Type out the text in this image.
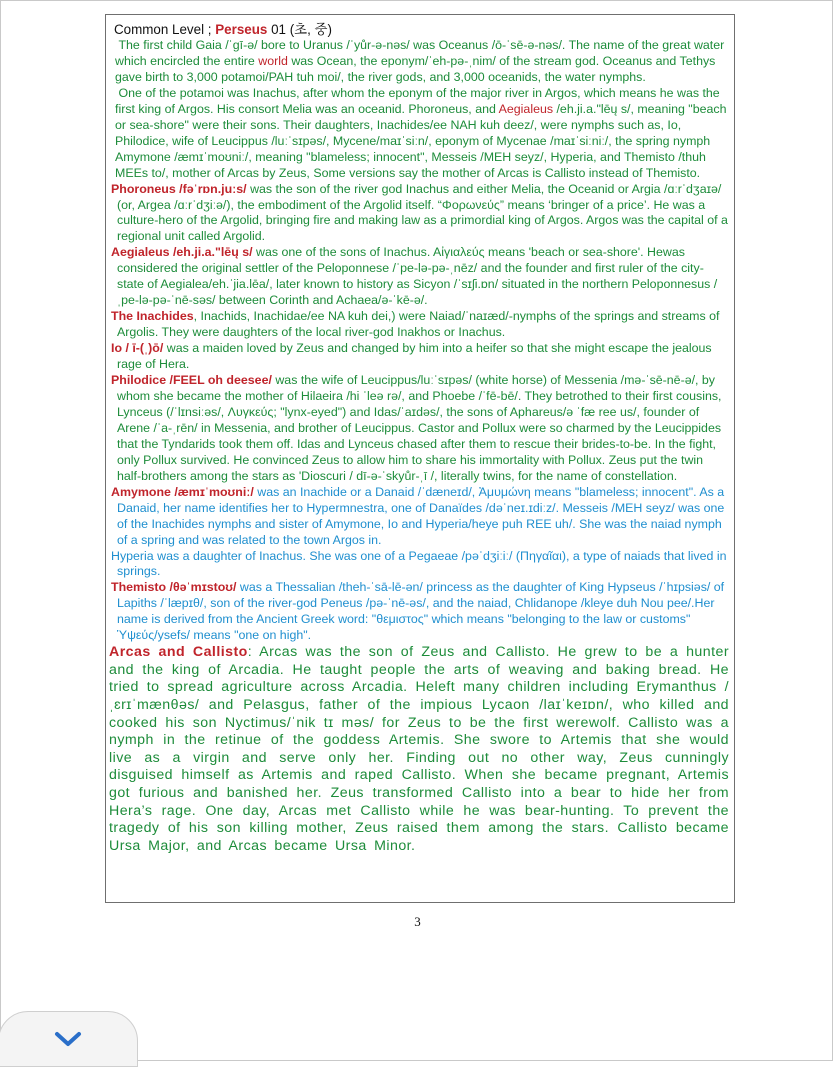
Common Level ; Perseus 01 (초, 중)

The first child Gaia /ˈɡī-ə/ bore to Uranus /ˈyůr-ə-nəs/ was Oceanus /ō-ˈsē-ə-nəs/. The name of the great water which encircled the entire world was Ocean, the eponym/ˈeh-pə-ˌnim/ of the stream god. Oceanus and Tethys gave birth to 3,000 potamoi/PAH tuh moi/, the river gods, and 3,000 oceanids, the water nymphs.

One of the potamoi was Inachus, after whom the eponym of the major river in Argos, which means he was the first king of Argos. His consort Melia was an oceanid. Phoroneus, and Aegialeus /eh.ji.a."lēų s/, meaning "beach or sea-shore" were their sons. Their daughters, Inachides/ee NAH kuh deez/, were nymphs such as, Io, Philodice, wife of Leucippus /luːˈsɪpəs/, Mycene/maɪˈsiːn/, eponym of Mycenae /maɪˈsiːniː/, the spring nymph Amymone /æmɪˈmoʊniː/, meaning "blameless; innocent", Messeis /MEH seyz/, Hyperia, and Themisto /thuh MEEs to/, mother of Arcas by Zeus, Some versions say the mother of Arcas is Callisto instead of Themisto.

Phoroneus /fəˈrɒn.juːs/ was the son of the river god Inachus and either Melia, the Oceanid or Argia /ɑːrˈdʒaɪə/ (or, Argea /ɑːrˈdʒiːə/), the embodiment of the Argolid itself. “Φορωνεύς” means ‘bringer of a price’. He was a culture-hero of the Argolid, bringing fire and making law as a primordial king of Argos. Argos was the capital of a regional unit called Argolid.

Aegialeus /eh.ji.a."lēų s/ was one of the sons of Inachus. Aἰγιαλεύς means 'beach or sea-shore'. Hewas considered the original settler of the Peloponnese /ˈpe-lə-pə-ˌnēz/ and the founder and first ruler of the city- state of Aegialea/eh.ˈjia.lēa/, later known to history as Sicyon /ˈsɪʃi.ɒn/ situated in the northern Peloponnesus /ˌpe-lə-pə-ˈnē-səs/ between Corinth and Achaea/ə-ˈkē-ə/.

The Inachides, Inachids, Inachidae/ee NA kuh dei,) were Naiad/ˈnaɪæd/-nymphs of the springs and streams of Argolis. They were daughters of the local river-god Inakhos or Inachus.

Io / ī-(ˌ)ō/ was a maiden loved by Zeus and changed by him into a heifer so that she might escape the jealous rage of Hera.

Philodice /FEEL oh deesee/ was the wife of Leucippus/luːˈsɪpəs/ (white horse) of Messenia /mə-ˈsē-nē-ə/, by whom she became the mother of Hilaeira /hi ˈleə rə/, and Phoebe /ˈfē-bē/. They betrothed to their first cousins, Lynceus (/ˈlɪnsiːəs/, Λυγκεύς; "lynx-eyed") and Idas/ˈaɪdəs/, the sons of Aphareus/ə ˈfæ ree us/, founder of Arene /ˈa-ˌrēn/ in Messenia, and brother of Leucippus. Castor and Pollux were so charmed by the Leucippides that the Tyndarids took them off. Idas and Lynceus chased after them to rescue their brides-to-be. In the fight, only Pollux survived. He convinced Zeus to allow him to share his immortality with Pollux. Zeus put the twin half-brothers among the stars as 'Dioscuri / dī-ə-ˈskyůr-ˌī /, literally twins, for the name of constellation.

Amymone /æmɪˈmoʊniː/ was an Inachide or a Danaid /ˈdænеɪd/, Ἀμυμώνη means "blameless; innocent". As a Danaid, her name identifies her to Hypermnestra, one of Danaïdes /dəˈneɪ.ɪdiːz/. Messeis /MEH seyz/ was one of the Inachides nymphs and sister of Amymone, Io and Hyperia/heye puh REE uh/. She was the naiad nymph of a spring and was related to the town Argos in.

Hyperia was a daughter of Inachus. She was one of a Pegaeae /pəˈdʒiːiː/ (Πηγαῖαι), a type of naiads that lived in springs.

Themisto /θəˈmɪstoʊ/ was a Thessalian /theh-ˈsā-lē-ən/ princess as the daughter of King Hypseus /ˈhɪpsiəs/ of Lapiths /ˈlæpɪθ/, son of the river-god Peneus /pə-ˈnē-əs/, and the naiad, Chlidanope /kleye duh Nou pee/.Her name is derived from the Ancient Greek word: "θεμιστος" which means "belonging to the law or customs" Ὑψεύς/ysefs/ means "one on high".

Arcas and Callisto: Arcas was the son of Zeus and Callisto. He grew to be a hunter and the king of Arcadia. He taught people the arts of weaving and baking bread. He tried to spread agriculture across Arcadia. Heleft many children including Erymanthus /ˌɛrɪˈmænθəs/ and Pelasgus, father of the impious Lycaon /laɪˈkeɪɒn/, who killed and cooked his son Nyctimus/ˈnik tɪ məs/ for Zeus to be the first werewolf. Callisto was a nymph in the retinue of the goddess Artemis. She swore to Artemis that she would live as a virgin and serve only her. Finding out no other way, Zeus cunningly disguised himself as Artemis and raped Callisto. When she became pregnant, Artemis got furious and banished her. Zeus transformed Callisto into a bear to hide her from Hera’s rage. One day, Arcas met Callisto while he was bear-hunting. To prevent the tragedy of his son killing mother, Zeus raised them among the stars. Callisto became Ursa Major, and Arcas became Ursa Minor.

3
